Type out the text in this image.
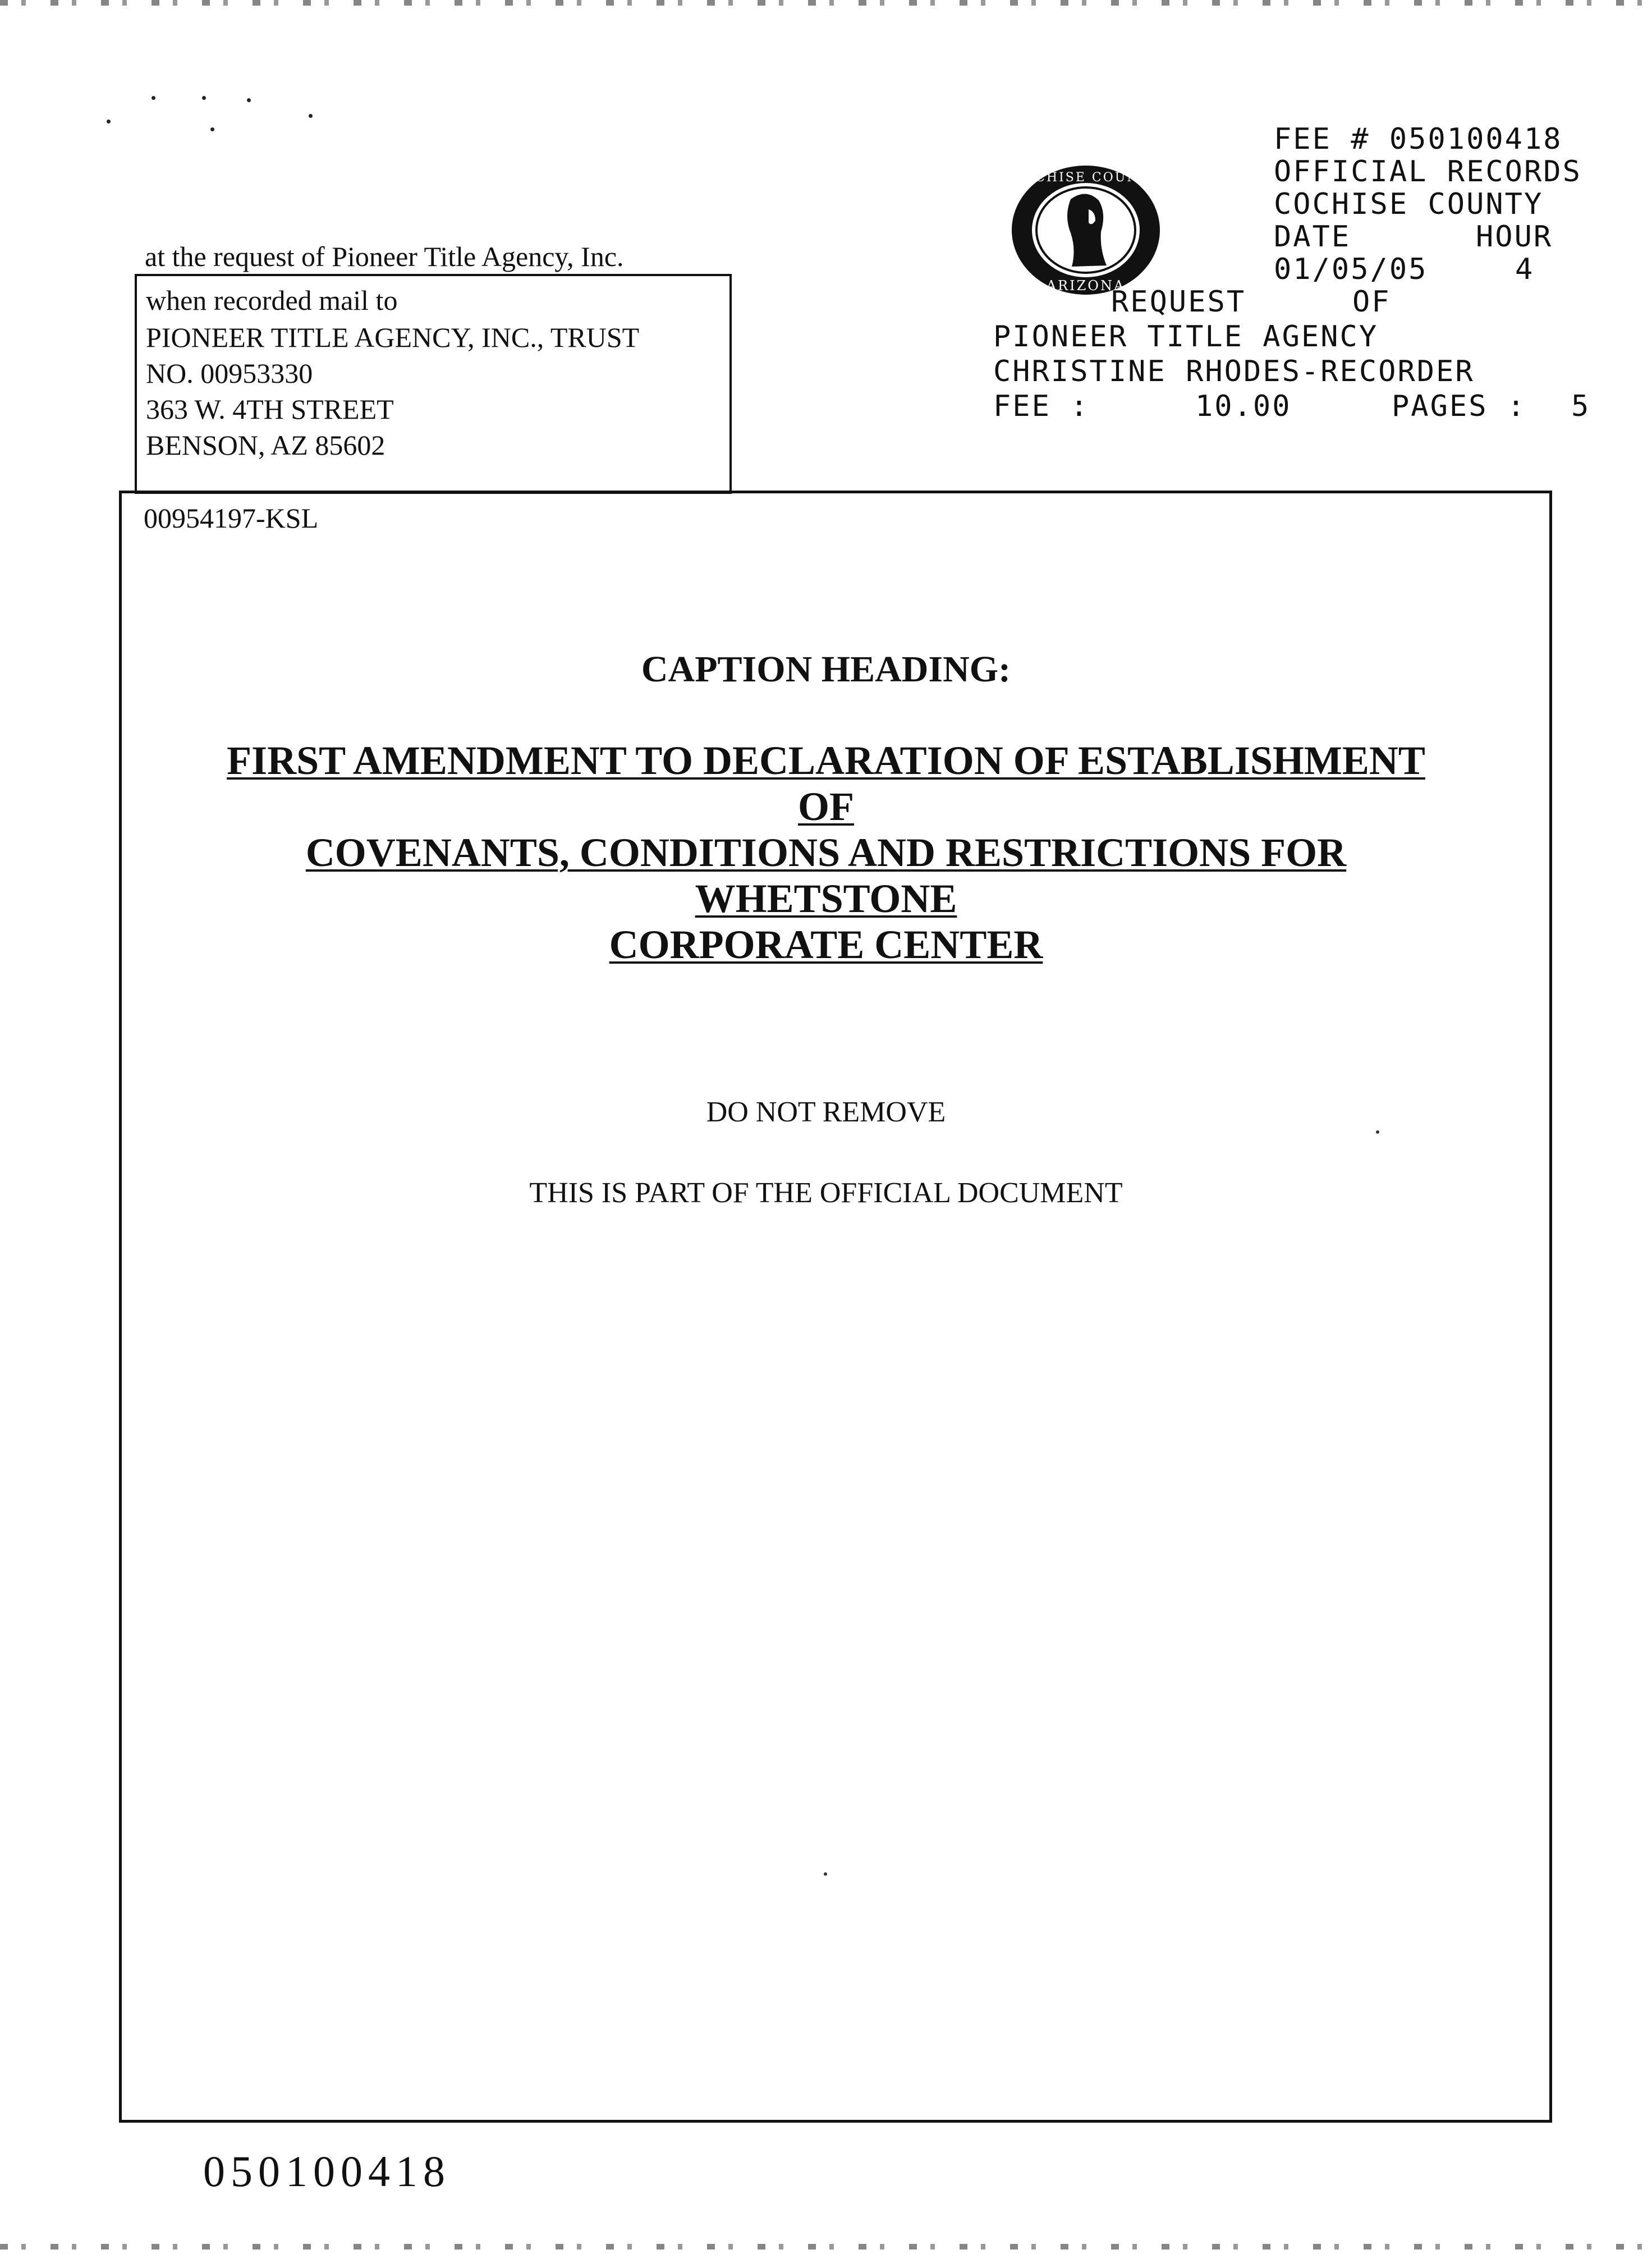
at the request of Pioneer Title Agency, Inc.
when recorded mail to
PIONEER TITLE AGENCY, INC., TRUST
NO. 00953330
363 W. 4TH STREET
BENSON, AZ 85602
COCHISE COUNTY
ARIZONA
FEE # 050100418
OFFICIAL RECORDS
COCHISE COUNTY
DATE	HOUR
01/05/05	4
REQUEST	OF
PIONEER TITLE AGENCY
CHRISTINE RHODES-RECORDER
FEE :	10.00	PAGES : 5
00954197-KSL
CAPTION HEADING:
FIRST AMENDMENT TO DECLARATION OF ESTABLISHMENT OF
COVENANTS, CONDITIONS AND RESTRICTIONS FOR WHETSTONE
CORPORATE CENTER
DO NOT REMOVE
THIS IS PART OF THE OFFICIAL DOCUMENT
050100418
